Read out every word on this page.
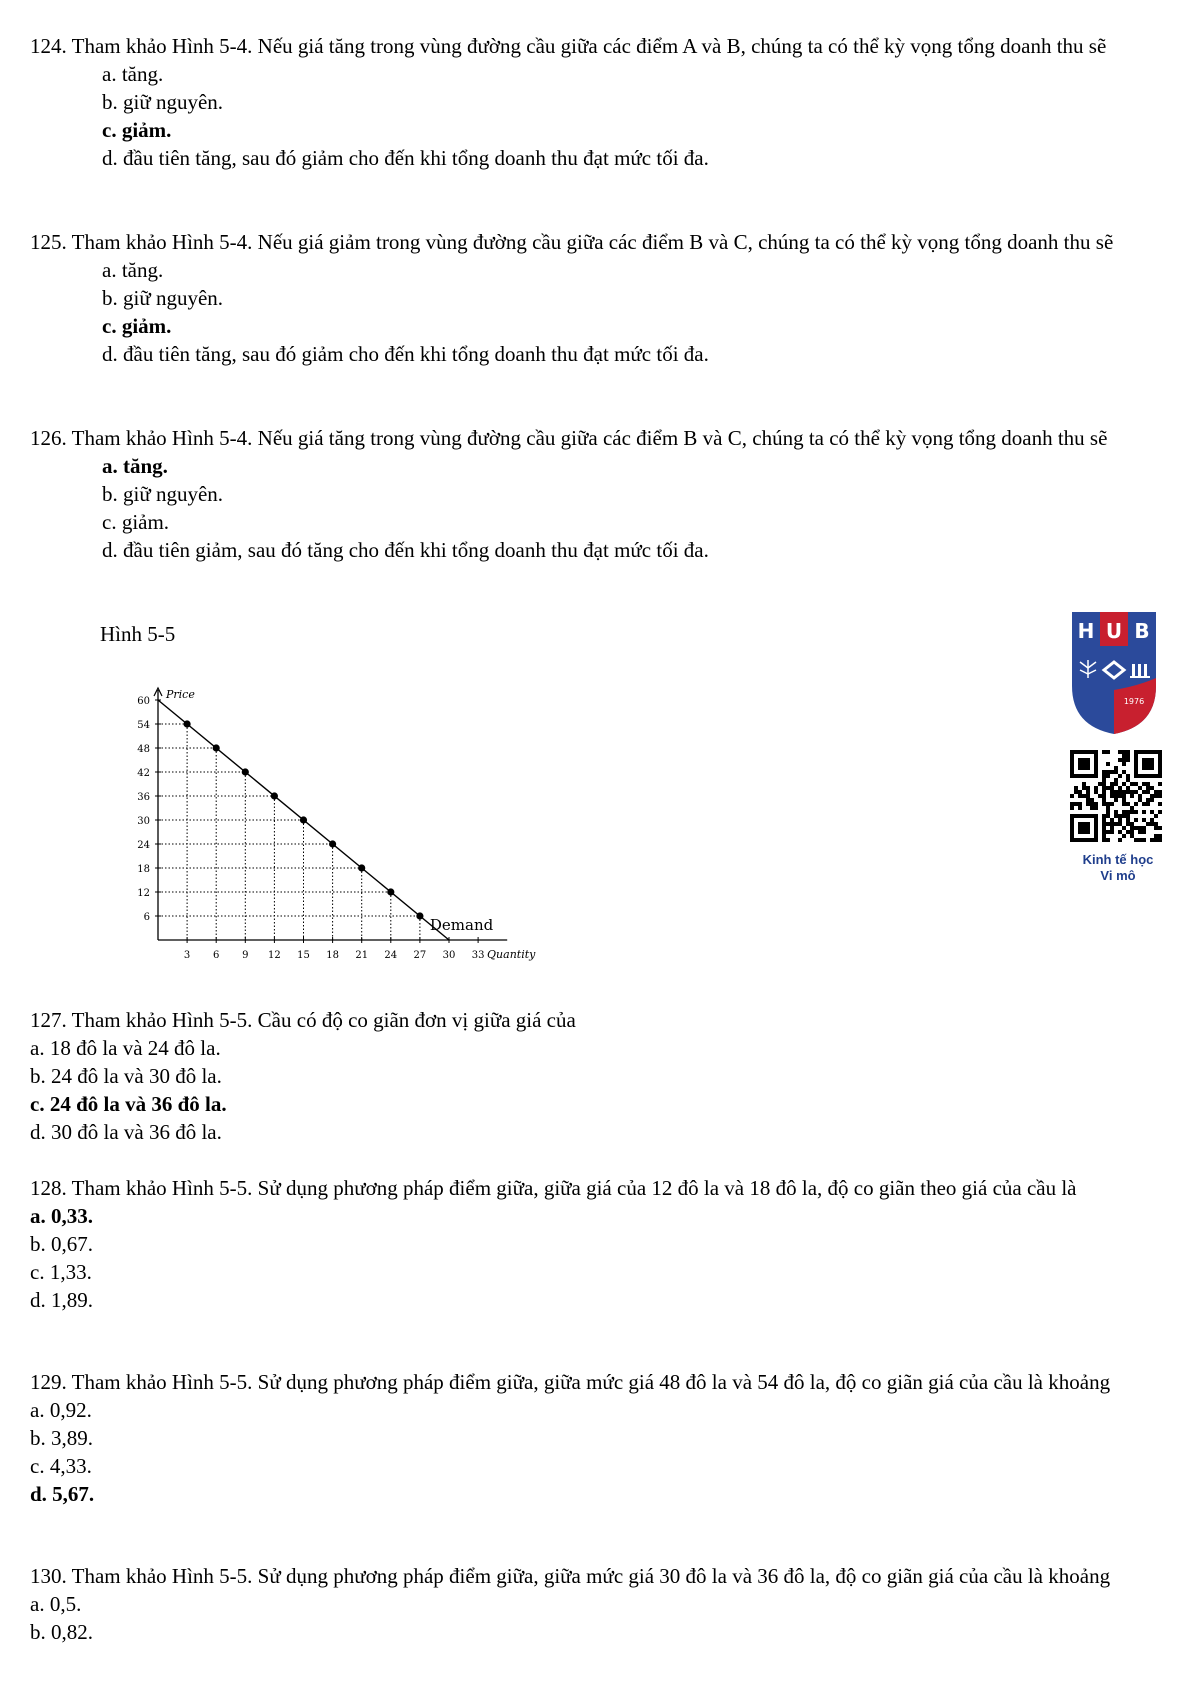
124. Tham khảo Hình 5-4. Nếu giá tăng trong vùng đường cầu giữa các điểm A và B, chúng ta có thể kỳ vọng tổng doanh thu sẽ

a. tăng.

b. giữ nguyên.

c. giảm.

d. đầu tiên tăng, sau đó giảm cho đến khi tổng doanh thu đạt mức tối đa.

125. Tham khảo Hình 5-4. Nếu giá giảm trong vùng đường cầu giữa các điểm B và C, chúng ta có thể kỳ vọng tổng doanh thu sẽ

a. tăng.

b. giữ nguyên.

c. giảm.

d. đầu tiên tăng, sau đó giảm cho đến khi tổng doanh thu đạt mức tối đa.

126. Tham khảo Hình 5-4. Nếu giá tăng trong vùng đường cầu giữa các điểm B và C, chúng ta có thể kỳ vọng tổng doanh thu sẽ

a. tăng.

b. giữ nguyên.

c. giảm.

d. đầu tiên giảm, sau đó tăng cho đến khi tổng doanh thu đạt mức tối đa.

Hình 5-5
3 6 9 12 15 18 21 24 27 30 33
6
12
18
24
30
36
42
48
54
60
Price
Quantity
Demand
H U B
1976
Kinh tế học
Vi mô

127. Tham khảo Hình 5-5. Cầu có độ co giãn đơn vị giữa giá của

a. 18 đô la và 24 đô la.

b. 24 đô la và 30 đô la.

c. 24 đô la và 36 đô la.

d. 30 đô la và 36 đô la.

128. Tham khảo Hình 5-5. Sử dụng phương pháp điểm giữa, giữa giá của 12 đô la và 18 đô la, độ co giãn theo giá của cầu là

a. 0,33.

b. 0,67.

c. 1,33.

d. 1,89.

129. Tham khảo Hình 5-5. Sử dụng phương pháp điểm giữa, giữa mức giá 48 đô la và 54 đô la, độ co giãn giá của cầu là khoảng

a. 0,92.

b. 3,89.

c. 4,33.

d. 5,67.

130. Tham khảo Hình 5-5. Sử dụng phương pháp điểm giữa, giữa mức giá 30 đô la và 36 đô la, độ co giãn giá của cầu là khoảng

a. 0,5.

b. 0,82.
